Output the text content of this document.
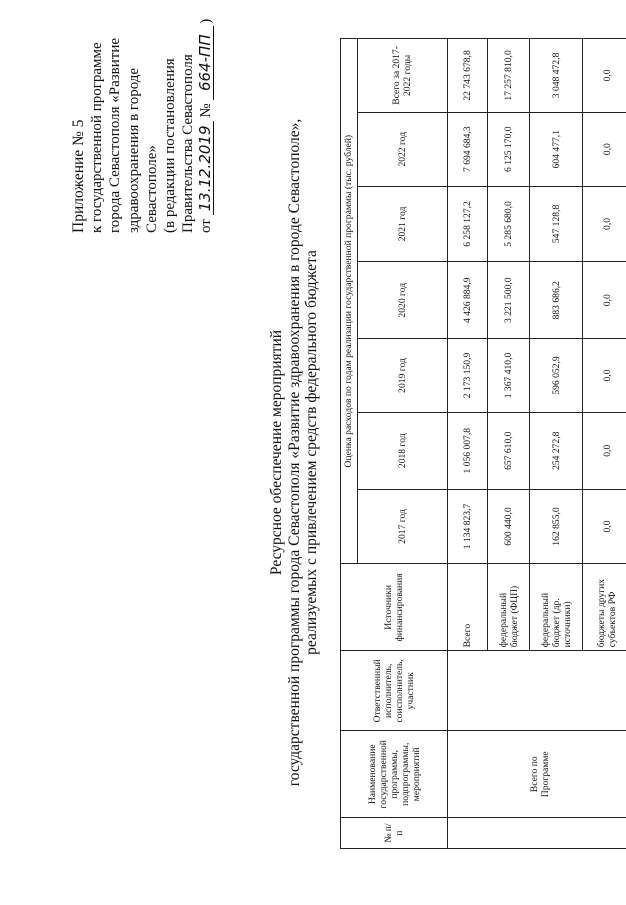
Приложение № 5 к государственной программе города Севастополя «Развитие здравоохранения в городе Севастополе» (в редакции постановления Правительства Севастополя от 13.12.2019 № 664-ПП)
Ресурсное обеспечение мероприятий государственной программы города Севастополя «Развитие здравоохранения в городе Севастополе», реализуемых с привлечением средств федерального бюджета
№ п/п	Наименование государственной программы, подпрограммы, мероприятий	Ответственный исполнитель, соисполнитель, участник	Источники финансирования	Оценка расходов по годам реализации государственной программы (тыс. рублей)						
				2017 год	2018 год	2019 год	2020 год	2021 год	2022 год	Всего за 2017-2022 годы
	Всего по Программе		Всего	1 134 823,7	1 056 007,8	2 173 150,9	4 426 884,9	6 258 127,2	7 694 684,3	22 743 678,8
			федеральный бюджет (ФЦП)	600 440,0	657 610,0	1 367 410,0	3 221 500,0	5 285 680,0	6 125 170,0	17 257 810,0
			федеральный бюджет (др. источники)	162 855,0	254 272,8	596 052,9	883 686,2	547 128,8	604 477,1	3 048 472,8
			бюджеты других субъектов РФ	0,0	0,0	0,0	0,0	0,0	0,0	0,0
